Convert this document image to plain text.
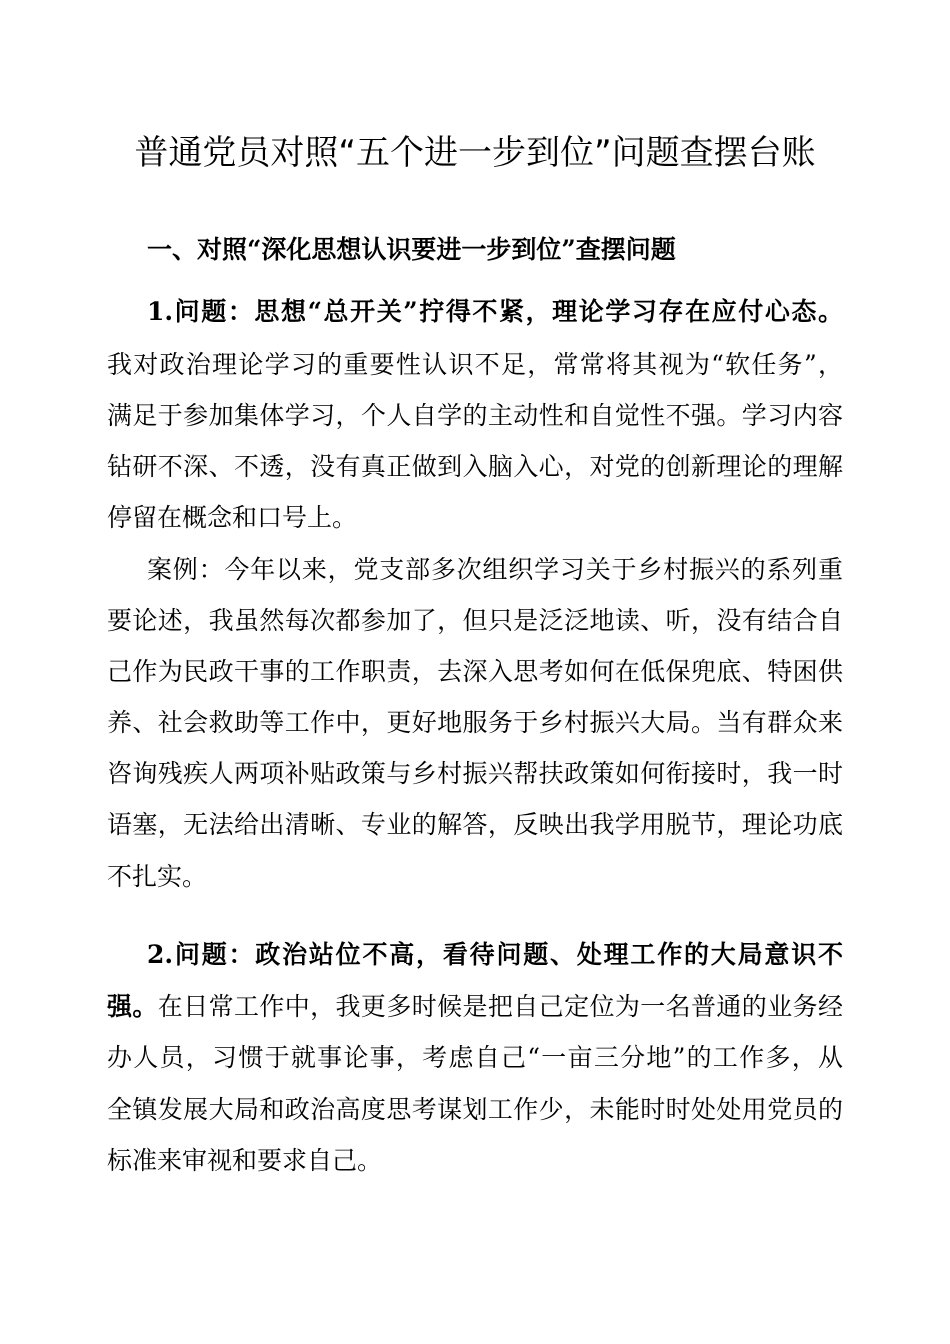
普通党员对照“五个进一步到位”问题查摆台账
一、对照“深化思想认识要进一步到位”查摆问题
1.问题：思想“总开关”拧得不紧，理论学习存在应付心态。
我对政治理论学习的重要性认识不足，常常将其视为“软任务”，
满足于参加集体学习，个人自学的主动性和自觉性不强。学习内容
钻研不深、不透，没有真正做到入脑入心，对党的创新理论的理解
停留在概念和口号上。
案例：今年以来，党支部多次组织学习关于乡村振兴的系列重
要论述，我虽然每次都参加了，但只是泛泛地读、听，没有结合自
己作为民政干事的工作职责，去深入思考如何在低保兜底、特困供
养、社会救助等工作中，更好地服务于乡村振兴大局。当有群众来
咨询残疾人两项补贴政策与乡村振兴帮扶政策如何衔接时，我一时
语塞，无法给出清晰、专业的解答，反映出我学用脱节，理论功底
不扎实。
2.问题：政治站位不高，看待问题、处理工作的大局意识不
强。在日常工作中，我更多时候是把自己定位为一名普通的业务经
办人员，习惯于就事论事，考虑自己“一亩三分地”的工作多，从
全镇发展大局和政治高度思考谋划工作少，未能时时处处用党员的
标准来审视和要求自己。
